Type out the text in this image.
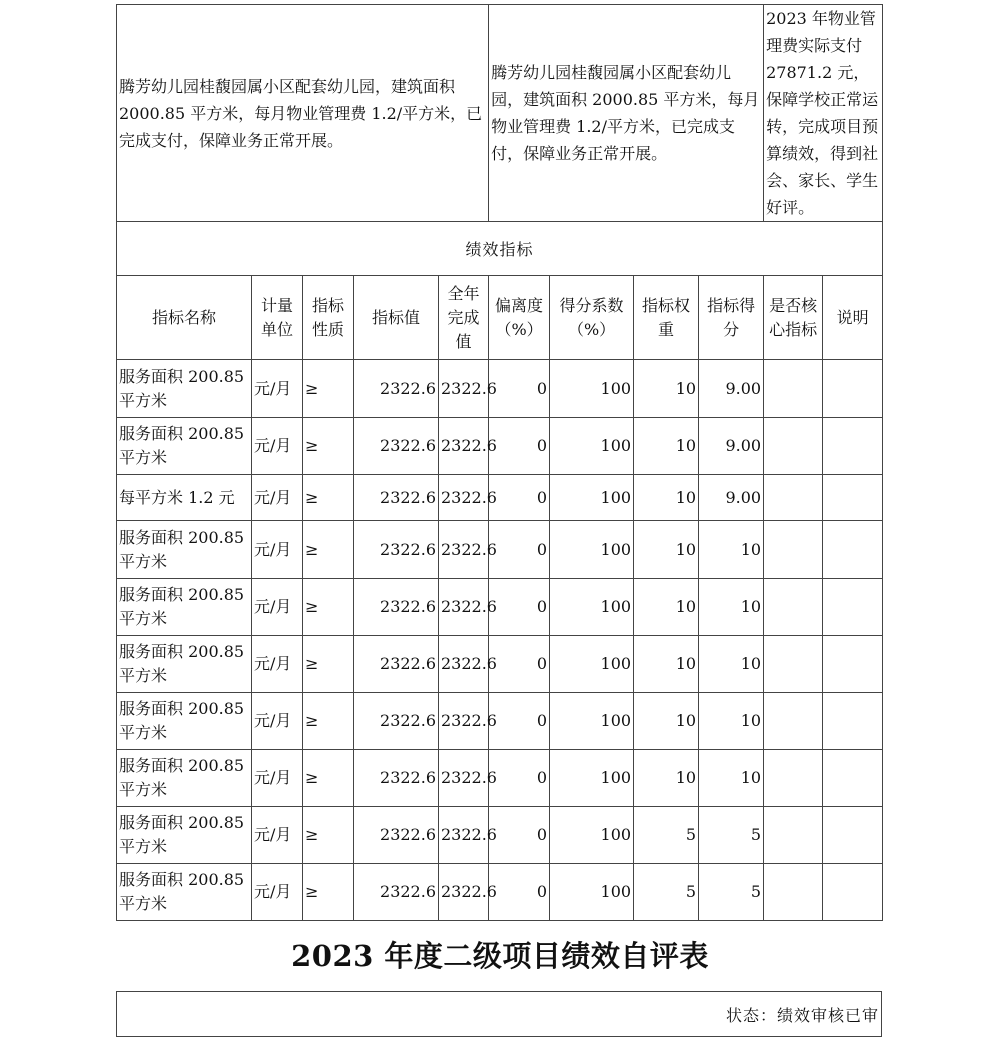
腾芳幼儿园桂馥园属小区配套幼儿园，建筑面积 2000.85 平方米，每月物业管理费 1.2/平方米，已完成支付，保障业务正常开展。					腾芳幼儿园桂馥园属小区配套幼儿园，建筑面积 2000.85 平方米，每月物业管理费 1.2/平方米，已完成支付，保障业务正常开展。				2023 年物业管理费实际支付 27871.2 元，保障学校正常运转，完成项目预算绩效，得到社会、家长、学生好评。	
绩效指标										
指标名称	计量单位	指标性质	指标值	全年完成值	偏离度（%）	得分系数（%）	指标权重	指标得分	是否核心指标	说明
服务面积 200.85 平方米	元/月	≥	2322.6	2322.6	0	100	10	9.00		
服务面积 200.85 平方米	元/月	≥	2322.6	2322.6	0	100	10	9.00		
每平方米 1.2 元	元/月	≥	2322.6	2322.6	0	100	10	9.00		
服务面积 200.85 平方米	元/月	≥	2322.6	2322.6	0	100	10	10		
服务面积 200.85 平方米	元/月	≥	2322.6	2322.6	0	100	10	10		
服务面积 200.85 平方米	元/月	≥	2322.6	2322.6	0	100	10	10		
服务面积 200.85 平方米	元/月	≥	2322.6	2322.6	0	100	10	10		
服务面积 200.85 平方米	元/月	≥	2322.6	2322.6	0	100	10	10		
服务面积 200.85 平方米	元/月	≥	2322.6	2322.6	0	100	5	5		
服务面积 200.85 平方米	元/月	≥	2322.6	2322.6	0	100	5	5		
2023 年度二级项目绩效自评表
状态：绩效审核已审
